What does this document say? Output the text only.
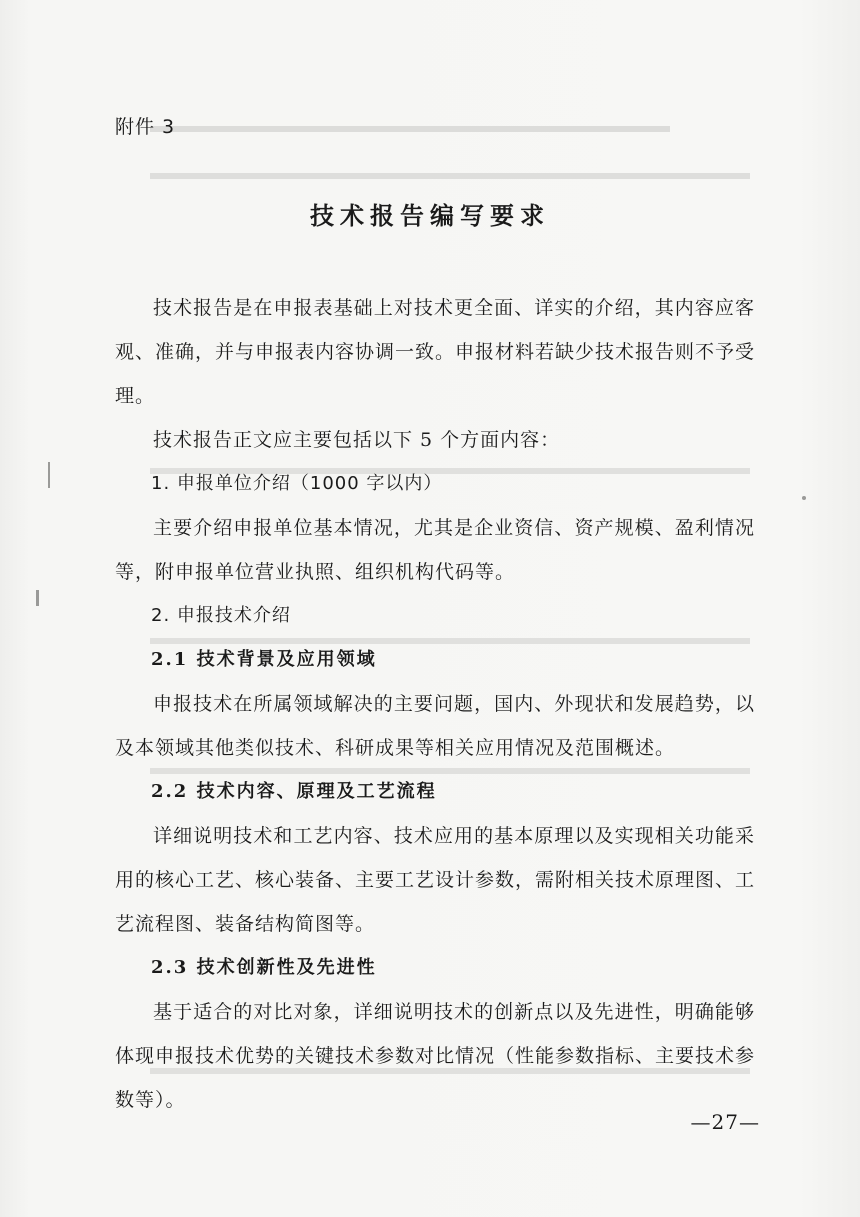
附件 3
技术报告编写要求

技术报告是在申报表基础上对技术更全面、详实的介绍，其内容应客观、准确，并与申报表内容协调一致。申报材料若缺少技术报告则不予受理。

技术报告正文应主要包括以下 5 个方面内容：

1. 申报单位介绍（1000 字以内）

主要介绍申报单位基本情况，尤其是企业资信、资产规模、盈利情况等，附申报单位营业执照、组织机构代码等。

2. 申报技术介绍
2.1 技术背景及应用领域

申报技术在所属领域解决的主要问题，国内、外现状和发展趋势，以及本领域其他类似技术、科研成果等相关应用情况及范围概述。

2.2 技术内容、原理及工艺流程

详细说明技术和工艺内容、技术应用的基本原理以及实现相关功能采用的核心工艺、核心装备、主要工艺设计参数，需附相关技术原理图、工艺流程图、装备结构简图等。

2.3 技术创新性及先进性

基于适合的对比对象，详细说明技术的创新点以及先进性，明确能够体现申报技术优势的关键技术参数对比情况（性能参数指标、主要技术参数等）。

—27—
